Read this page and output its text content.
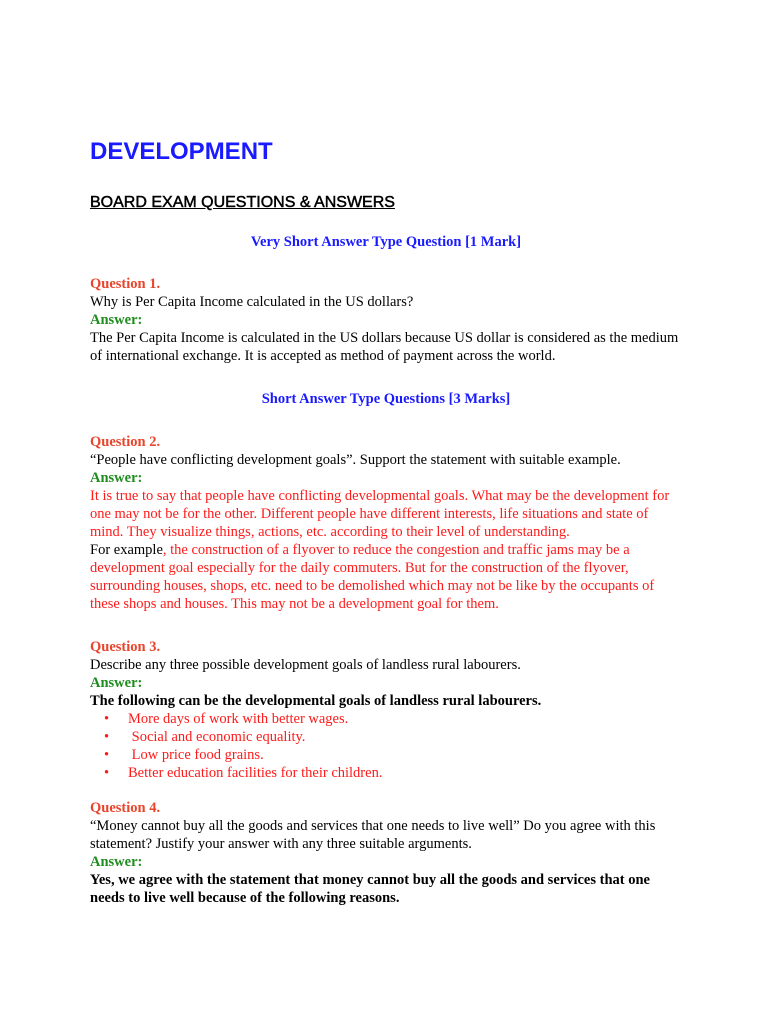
DEVELOPMENT
BOARD EXAM QUESTIONS & ANSWERS

Very Short Answer Type Question [1 Mark]

Question 1.

Why is Per Capita Income calculated in the US dollars?

Answer:

The Per Capita Income is calculated in the US dollars because US dollar is considered as the medium of international exchange. It is accepted as method of payment across the world.

Short Answer Type Questions [3 Marks]

Question 2.

“People have conflicting development goals”. Support the statement with suitable example.

Answer:

It is true to say that people have conflicting developmental goals. What may be the development for one may not be for the other. Different people have different interests, life situations and state of mind. They visualize things, actions, etc. according to their level of understanding.

For example, the construction of a flyover to reduce the congestion and traffic jams may be a development goal especially for the daily commuters. But for the construction of the flyover, surrounding houses, shops, etc. need to be demolished which may not be like by the occupants of these shops and houses. This may not be a development goal for them.

Question 3.

Describe any three possible development goals of landless rural labourers.

Answer:

The following can be the developmental goals of landless rural labourers.

• More days of work with better wages.
•  Social and economic equality.
•  Low price food grains.
• Better education facilities for their children.

Question 4.

“Money cannot buy all the goods and services that one needs to live well” Do you agree with this statement? Justify your answer with any three suitable arguments.

Answer:

Yes, we agree with the statement that money cannot buy all the goods and services that one needs to live well because of the following reasons.
